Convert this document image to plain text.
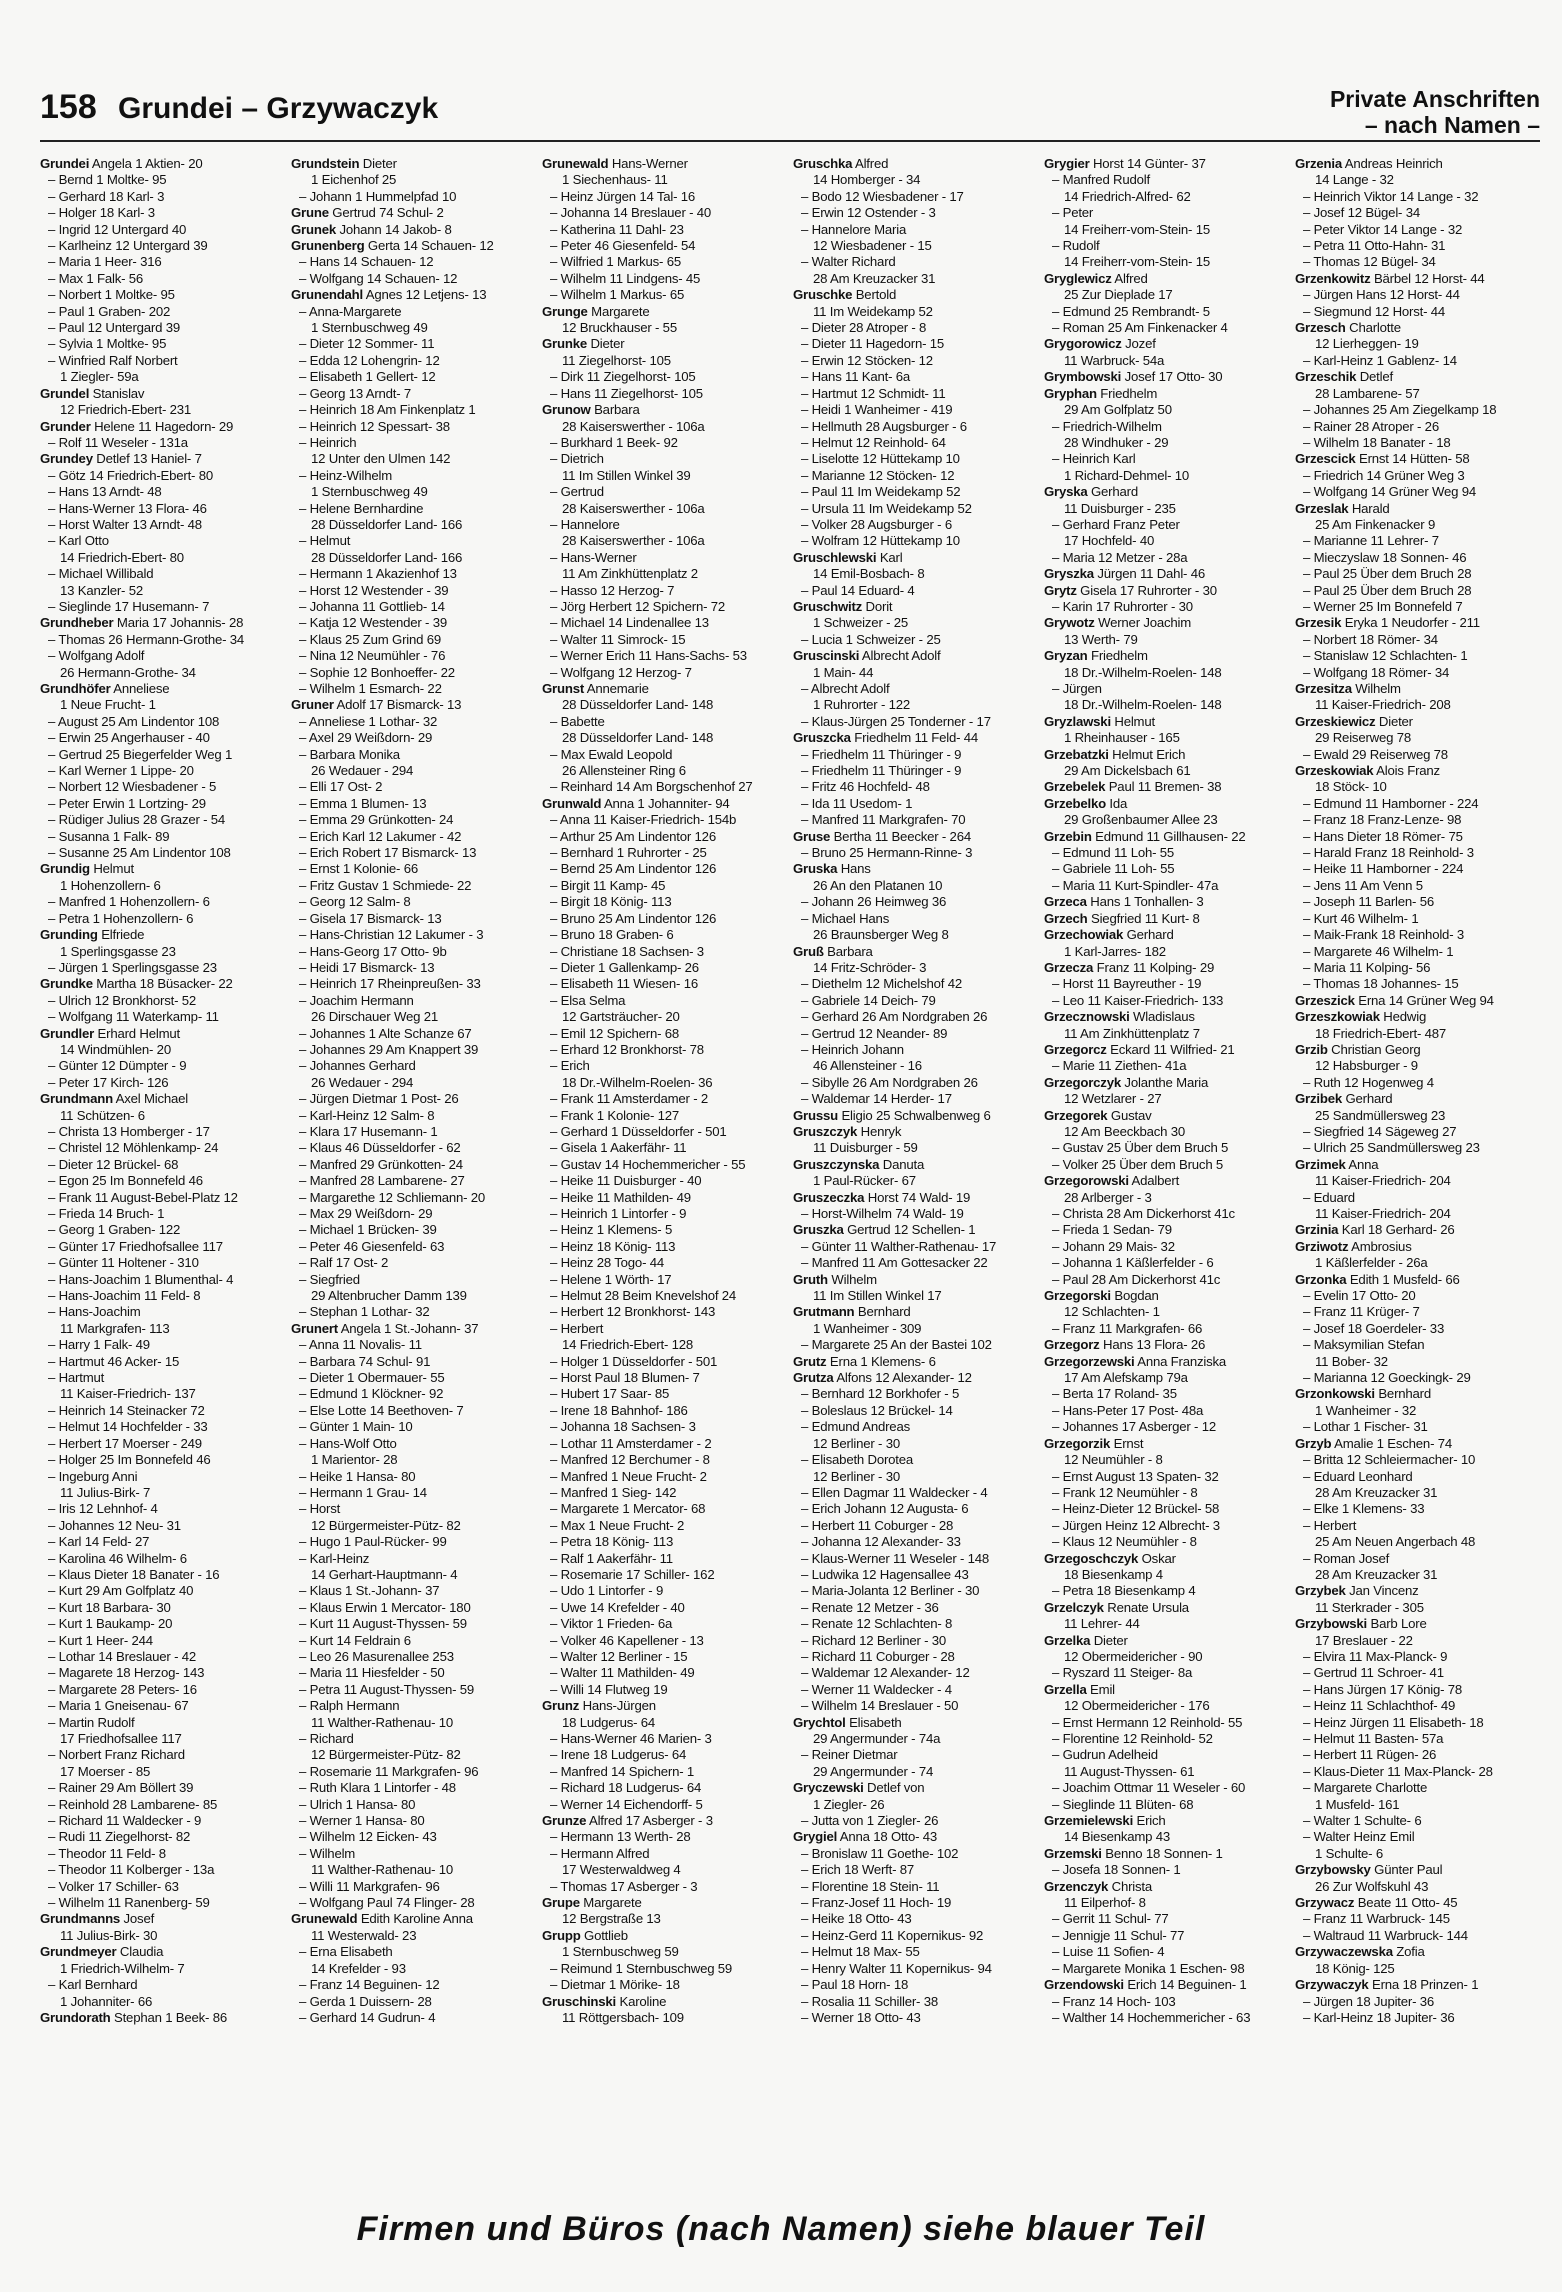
158 Grundei – Grzywaczyk	Private Anschriften
– nach Namen –
Grundei Angela 1 Aktien- 20
– Bernd 1 Moltke- 95
– Gerhard 18 Karl- 3
– Holger 18 Karl- 3
– Ingrid 12 Untergard 40
– Karlheinz 12 Untergard 39
– Maria 1 Heer- 316
– Max 1 Falk- 56
– Norbert 1 Moltke- 95
– Paul 1 Graben- 202
– Paul 12 Untergard 39
– Sylvia 1 Moltke- 95
– Winfried Ralf Norbert
1 Ziegler- 59a
Grundel Stanislav
12 Friedrich-Ebert- 231
Grunder Helene 11 Hagedorn- 29
– Rolf 11 Weseler - 131a
Grundey Detlef 13 Haniel- 7
– Götz 14 Friedrich-Ebert- 80
– Hans 13 Arndt- 48
– Hans-Werner 13 Flora- 46
– Horst Walter 13 Arndt- 48
– Karl Otto
14 Friedrich-Ebert- 80
– Michael Willibald
13 Kanzler- 52
– Sieglinde 17 Husemann- 7
Grundheber Maria 17 Johannis- 28
– Thomas 26 Hermann-Grothe- 34
– Wolfgang Adolf
26 Hermann-Grothe- 34
Grundhöfer Anneliese
1 Neue Frucht- 1
– August 25 Am Lindentor 108
– Erwin 25 Angerhauser - 40
– Gertrud 25 Biegerfelder Weg 1
– Karl Werner 1 Lippe- 20
– Norbert 12 Wiesbadener - 5
– Peter Erwin 1 Lortzing- 29
– Rüdiger Julius 28 Grazer - 54
– Susanna 1 Falk- 89
– Susanne 25 Am Lindentor 108
Grundig Helmut
1 Hohenzollern- 6
– Manfred 1 Hohenzollern- 6
– Petra 1 Hohenzollern- 6
Grunding Elfriede
1 Sperlingsgasse 23
– Jürgen 1 Sperlingsgasse 23
Grundke Martha 18 Büsacker- 22
– Ulrich 12 Bronkhorst- 52
– Wolfgang 11 Waterkamp- 11
Grundler Erhard Helmut
14 Windmühlen- 20
– Günter 12 Dümpter - 9
– Peter 17 Kirch- 126
Grundmann Axel Michael
11 Schützen- 6
– Christa 13 Homberger - 17
– Christel 12 Möhlenkamp- 24
– Dieter 12 Brückel- 68
– Egon 25 Im Bonnefeld 46
– Frank 11 August-Bebel-Platz 12
– Frieda 14 Bruch- 1
– Georg 1 Graben- 122
– Günter 17 Friedhofsallee 117
– Günter 11 Holtener - 310
– Hans-Joachim 1 Blumenthal- 4
– Hans-Joachim 11 Feld- 8
– Hans-Joachim
11 Markgrafen- 113
– Harry 1 Falk- 49
– Hartmut 46 Acker- 15
– Hartmut
11 Kaiser-Friedrich- 137
– Heinrich 14 Steinacker 72
– Helmut 14 Hochfelder - 33
– Herbert 17 Moerser - 249
– Holger 25 Im Bonnefeld 46
– Ingeburg Anni
11 Julius-Birk- 7
– Iris 12 Lehnhof- 4
– Johannes 12 Neu- 31
– Karl 14 Feld- 27
– Karolina 46 Wilhelm- 6
– Klaus Dieter 18 Banater - 16
– Kurt 29 Am Golfplatz 40
– Kurt 18 Barbara- 30
– Kurt 1 Baukamp- 20
– Kurt 1 Heer- 244
– Lothar 14 Breslauer - 42
– Magarete 18 Herzog- 143
– Margarete 28 Peters- 16
– Maria 1 Gneisenau- 67
– Martin Rudolf
17 Friedhofsallee 117
– Norbert Franz Richard
17 Moerser - 85
– Rainer 29 Am Böllert 39
– Reinhold 28 Lambarene- 85
– Richard 11 Waldecker - 9
– Rudi 11 Ziegelhorst- 82
– Theodor 11 Feld- 8
– Theodor 11 Kolberger - 13a
– Volker 17 Schiller- 63
– Wilhelm 11 Ranenberg- 59
Grundmanns Josef
11 Julius-Birk- 30
Grundmeyer Claudia
1 Friedrich-Wilhelm- 7
– Karl Bernhard
1 Johanniter- 66
Grundorath Stephan 1 Beek- 86
Grundstein Dieter
1 Eichenhof 25
– Johann 1 Hummelpfad 10
Grune Gertrud 74 Schul- 2
Grunek Johann 14 Jakob- 8
Grunenberg Gerta 14 Schauen- 12
– Hans 14 Schauen- 12
– Wolfgang 14 Schauen- 12
Grunendahl Agnes 12 Letjens- 13
– Anna-Margarete
1 Sternbuschweg 49
– Dieter 12 Sommer- 11
– Edda 12 Lohengrin- 12
– Elisabeth 1 Gellert- 12
– Georg 13 Arndt- 7
– Heinrich 18 Am Finkenplatz 1
– Heinrich 12 Spessart- 38
– Heinrich
12 Unter den Ulmen 142
– Heinz-Wilhelm
1 Sternbuschweg 49
– Helene Bernhardine
28 Düsseldorfer Land- 166
– Helmut
28 Düsseldorfer Land- 166
– Hermann 1 Akazienhof 13
– Horst 12 Westender - 39
– Johanna 11 Gottlieb- 14
– Katja 12 Westender - 39
– Klaus 25 Zum Grind 69
– Nina 12 Neumühler - 76
– Sophie 12 Bonhoeffer- 22
– Wilhelm 1 Esmarch- 22
Gruner Adolf 17 Bismarck- 13
– Anneliese 1 Lothar- 32
– Axel 29 Weißdorn- 29
– Barbara Monika
26 Wedauer - 294
– Elli 17 Ost- 2
– Emma 1 Blumen- 13
– Emma 29 Grünkotten- 24
– Erich Karl 12 Lakumer - 42
– Erich Robert 17 Bismarck- 13
– Ernst 1 Kolonie- 66
– Fritz Gustav 1 Schmiede- 22
– Georg 12 Salm- 8
– Gisela 17 Bismarck- 13
– Hans-Christian 12 Lakumer - 3
– Hans-Georg 17 Otto- 9b
– Heidi 17 Bismarck- 13
– Heinrich 17 Rheinpreußen- 33
– Joachim Hermann
26 Dirschauer Weg 21
– Johannes 1 Alte Schanze 67
– Johannes 29 Am Knappert 39
– Johannes Gerhard
26 Wedauer - 294
– Jürgen Dietmar 1 Post- 26
– Karl-Heinz 12 Salm- 8
– Klara 17 Husemann- 1
– Klaus 46 Düsseldorfer - 62
– Manfred 29 Grünkotten- 24
– Manfred 28 Lambarene- 27
– Margarethe 12 Schliemann- 20
– Max 29 Weißdorn- 29
– Michael 1 Brücken- 39
– Peter 46 Giesenfeld- 63
– Ralf 17 Ost- 2
– Siegfried
29 Altenbrucher Damm 139
– Stephan 1 Lothar- 32
Grunert Angela 1 St.-Johann- 37
– Anna 11 Novalis- 11
– Barbara 74 Schul- 91
– Dieter 1 Obermauer- 55
– Edmund 1 Klöckner- 92
– Else Lotte 14 Beethoven- 7
– Günter 1 Main- 10
– Hans-Wolf Otto
1 Marientor- 28
– Heike 1 Hansa- 80
– Hermann 1 Grau- 14
– Horst
12 Bürgermeister-Pütz- 82
– Hugo 1 Paul-Rücker- 99
– Karl-Heinz
14 Gerhart-Hauptmann- 4
– Klaus 1 St.-Johann- 37
– Klaus Erwin 1 Mercator- 180
– Kurt 11 August-Thyssen- 59
– Kurt 14 Feldrain 6
– Leo 26 Masurenallee 253
– Maria 11 Hiesfelder - 50
– Petra 11 August-Thyssen- 59
– Ralph Hermann
11 Walther-Rathenau- 10
– Richard
12 Bürgermeister-Pütz- 82
– Rosemarie 11 Markgrafen- 96
– Ruth Klara 1 Lintorfer - 48
– Ulrich 1 Hansa- 80
– Werner 1 Hansa- 80
– Wilhelm 12 Eicken- 43
– Wilhelm
11 Walther-Rathenau- 10
– Willi 11 Markgrafen- 96
– Wolfgang Paul 74 Flinger- 28
Grunewald Edith Karoline Anna
11 Westerwald- 23
– Erna Elisabeth
14 Krefelder - 93
– Franz 14 Beguinen- 12
– Gerda 1 Duissern- 28
– Gerhard 14 Gudrun- 4
Grunewald Hans-Werner
1 Siechenhaus- 11
– Heinz Jürgen 14 Tal- 16
– Johanna 14 Breslauer - 40
– Katherina 11 Dahl- 23
– Peter 46 Giesenfeld- 54
– Wilfried 1 Markus- 65
– Wilhelm 11 Lindgens- 45
– Wilhelm 1 Markus- 65
Grunge Margarete
12 Bruckhauser - 55
Grunke Dieter
11 Ziegelhorst- 105
– Dirk 11 Ziegelhorst- 105
– Hans 11 Ziegelhorst- 105
Grunow Barbara
28 Kaiserswerther - 106a
– Burkhard 1 Beek- 92
– Dietrich
11 Im Stillen Winkel 39
– Gertrud
28 Kaiserswerther - 106a
– Hannelore
28 Kaiserswerther - 106a
– Hans-Werner
11 Am Zinkhüttenplatz 2
– Hasso 12 Herzog- 7
– Jörg Herbert 12 Spichern- 72
– Michael 14 Lindenallee 13
– Walter 11 Simrock- 15
– Werner Erich 11 Hans-Sachs- 53
– Wolfgang 12 Herzog- 7
Grunst Annemarie
28 Düsseldorfer Land- 148
– Babette
28 Düsseldorfer Land- 148
– Max Ewald Leopold
26 Allensteiner Ring 6
– Reinhard 14 Am Borgschenhof 27
Grunwald Anna 1 Johanniter- 94
– Anna 11 Kaiser-Friedrich- 154b
– Arthur 25 Am Lindentor 126
– Bernhard 1 Ruhrorter - 25
– Bernd 25 Am Lindentor 126
– Birgit 11 Kamp- 45
– Birgit 18 König- 113
– Bruno 25 Am Lindentor 126
– Bruno 18 Graben- 6
– Christiane 18 Sachsen- 3
– Dieter 1 Gallenkamp- 26
– Elisabeth 11 Wiesen- 16
– Elsa Selma
12 Gartsträucher- 20
– Emil 12 Spichern- 68
– Erhard 12 Bronkhorst- 78
– Erich
18 Dr.-Wilhelm-Roelen- 36
– Frank 11 Amsterdamer - 2
– Frank 1 Kolonie- 127
– Gerhard 1 Düsseldorfer - 501
– Gisela 1 Aakerfähr- 11
– Gustav 14 Hochemmericher - 55
– Heike 11 Duisburger - 40
– Heike 11 Mathilden- 49
– Heinrich 1 Lintorfer - 9
– Heinz 1 Klemens- 5
– Heinz 18 König- 113
– Heinz 28 Togo- 44
– Helene 1 Wörth- 17
– Helmut 28 Beim Knevelshof 24
– Herbert 12 Bronkhorst- 143
– Herbert
14 Friedrich-Ebert- 128
– Holger 1 Düsseldorfer - 501
– Horst Paul 18 Blumen- 7
– Hubert 17 Saar- 85
– Irene 18 Bahnhof- 186
– Johanna 18 Sachsen- 3
– Lothar 11 Amsterdamer - 2
– Manfred 12 Berchumer - 8
– Manfred 1 Neue Frucht- 2
– Manfred 1 Sieg- 142
– Margarete 1 Mercator- 68
– Max 1 Neue Frucht- 2
– Petra 18 König- 113
– Ralf 1 Aakerfähr- 11
– Rosemarie 17 Schiller- 162
– Udo 1 Lintorfer - 9
– Uwe 14 Krefelder - 40
– Viktor 1 Frieden- 6a
– Volker 46 Kapellener - 13
– Walter 12 Berliner - 15
– Walter 11 Mathilden- 49
– Willi 14 Flutweg 19
Grunz Hans-Jürgen
18 Ludgerus- 64
– Hans-Werner 46 Marien- 3
– Irene 18 Ludgerus- 64
– Manfred 14 Spichern- 1
– Richard 18 Ludgerus- 64
– Werner 14 Eichendorff- 5
Grunze Alfred 17 Asberger - 3
– Hermann 13 Werth- 28
– Hermann Alfred
17 Westerwaldweg 4
– Thomas 17 Asberger - 3
Grupe Margarete
12 Bergstraße 13
Grupp Gottlieb
1 Sternbuschweg 59
– Reimund 1 Sternbuschweg 59
– Dietmar 1 Mörike- 18
Gruschinski Karoline
11 Röttgersbach- 109
Gruschka Alfred
14 Homberger - 34
– Bodo 12 Wiesbadener - 17
– Erwin 12 Ostender - 3
– Hannelore Maria
12 Wiesbadener - 15
– Walter Richard
28 Am Kreuzacker 31
Gruschke Bertold
11 Im Weidekamp 52
– Dieter 28 Atroper - 8
– Dieter 11 Hagedorn- 15
– Erwin 12 Stöcken- 12
– Hans 11 Kant- 6a
– Hartmut 12 Schmidt- 11
– Heidi 1 Wanheimer - 419
– Hellmuth 28 Augsburger - 6
– Helmut 12 Reinhold- 64
– Liselotte 12 Hüttekamp 10
– Marianne 12 Stöcken- 12
– Paul 11 Im Weidekamp 52
– Ursula 11 Im Weidekamp 52
– Volker 28 Augsburger - 6
– Wolfram 12 Hüttekamp 10
Gruschlewski Karl
14 Emil-Bosbach- 8
– Paul 14 Eduard- 4
Gruschwitz Dorit
1 Schweizer - 25
– Lucia 1 Schweizer - 25
Gruscinski Albrecht Adolf
1 Main- 44
– Albrecht Adolf
1 Ruhrorter - 122
– Klaus-Jürgen 25 Tonderner - 17
Gruszcka Friedhelm 11 Feld- 44
– Friedhelm 11 Thüringer - 9
– Friedhelm 11 Thüringer - 9
– Fritz 46 Hochfeld- 48
– Ida 11 Usedom- 1
– Manfred 11 Markgrafen- 70
Gruse Bertha 11 Beecker - 264
– Bruno 25 Hermann-Rinne- 3
Gruska Hans
26 An den Platanen 10
– Johann 26 Heimweg 36
– Michael Hans
26 Braunsberger Weg 8
Gruß Barbara
14 Fritz-Schröder- 3
– Diethelm 12 Michelshof 42
– Gabriele 14 Deich- 79
– Gerhard 26 Am Nordgraben 26
– Gertrud 12 Neander- 89
– Heinrich Johann
46 Allensteiner - 16
– Sibylle 26 Am Nordgraben 26
– Waldemar 14 Herder- 17
Grussu Eligio 25 Schwalbenweg 6
Gruszczyk Henryk
11 Duisburger - 59
Gruszczynska Danuta
1 Paul-Rücker- 67
Gruszeczka Horst 74 Wald- 19
– Horst-Wilhelm 74 Wald- 19
Gruszka Gertrud 12 Schellen- 1
– Günter 11 Walther-Rathenau- 17
– Manfred 11 Am Gottesacker 22
Gruth Wilhelm
11 Im Stillen Winkel 17
Grutmann Bernhard
1 Wanheimer - 309
– Margarete 25 An der Bastei 102
Grutz Erna 1 Klemens- 6
Grutza Alfons 12 Alexander- 12
– Bernhard 12 Borkhofer - 5
– Boleslaus 12 Brückel- 14
– Edmund Andreas
12 Berliner - 30
– Elisabeth Dorotea
12 Berliner - 30
– Ellen Dagmar 11 Waldecker - 4
– Erich Johann 12 Augusta- 6
– Herbert 11 Coburger - 28
– Johanna 12 Alexander- 33
– Klaus-Werner 11 Weseler - 148
– Ludwika 12 Hagensallee 43
– Maria-Jolanta 12 Berliner - 30
– Renate 12 Metzer - 36
– Renate 12 Schlachten- 8
– Richard 12 Berliner - 30
– Richard 11 Coburger - 28
– Waldemar 12 Alexander- 12
– Werner 11 Waldecker - 4
– Wilhelm 14 Breslauer - 50
Grychtol Elisabeth
29 Angermunder - 74a
– Reiner Dietmar
29 Angermunder - 74
Gryczewski Detlef von
1 Ziegler- 26
– Jutta von 1 Ziegler- 26
Grygiel Anna 18 Otto- 43
– Bronislaw 11 Goethe- 102
– Erich 18 Werft- 87
– Florentine 18 Stein- 11
– Franz-Josef 11 Hoch- 19
– Heike 18 Otto- 43
– Heinz-Gerd 11 Kopernikus- 92
– Helmut 18 Max- 55
– Henry Walter 11 Kopernikus- 94
– Paul 18 Horn- 18
– Rosalia 11 Schiller- 38
– Werner 18 Otto- 43
Grygier Horst 14 Günter- 37
– Manfred Rudolf
14 Friedrich-Alfred- 62
– Peter
14 Freiherr-vom-Stein- 15
– Rudolf
14 Freiherr-vom-Stein- 15
Gryglewicz Alfred
25 Zur Dieplade 17
– Edmund 25 Rembrandt- 5
– Roman 25 Am Finkenacker 4
Grygorowicz Jozef
11 Warbruck- 54a
Grymbowski Josef 17 Otto- 30
Gryphan Friedhelm
29 Am Golfplatz 50
– Friedrich-Wilhelm
28 Windhuker - 29
– Heinrich Karl
1 Richard-Dehmel- 10
Gryska Gerhard
11 Duisburger - 235
– Gerhard Franz Peter
17 Hochfeld- 40
– Maria 12 Metzer - 28a
Gryszka Jürgen 11 Dahl- 46
Grytz Gisela 17 Ruhrorter - 30
– Karin 17 Ruhrorter - 30
Grywotz Werner Joachim
13 Werth- 79
Gryzan Friedhelm
18 Dr.-Wilhelm-Roelen- 148
– Jürgen
18 Dr.-Wilhelm-Roelen- 148
Gryzlawski Helmut
1 Rheinhauser - 165
Grzebatzki Helmut Erich
29 Am Dickelsbach 61
Grzebelek Paul 11 Bremen- 38
Grzebelko Ida
29 Großenbaumer Allee 23
Grzebin Edmund 11 Gillhausen- 22
– Edmund 11 Loh- 55
– Gabriele 11 Loh- 55
– Maria 11 Kurt-Spindler- 47a
Grzeca Hans 1 Tonhallen- 3
Grzech Siegfried 11 Kurt- 8
Grzechowiak Gerhard
1 Karl-Jarres- 182
Grzecza Franz 11 Kolping- 29
– Horst 11 Bayreuther - 19
– Leo 11 Kaiser-Friedrich- 133
Grzecznowski Wladislaus
11 Am Zinkhüttenplatz 7
Grzegorcz Eckard 11 Wilfried- 21
– Marie 11 Ziethen- 41a
Grzegorczyk Jolanthe Maria
12 Wetzlarer - 27
Grzegorek Gustav
12 Am Beeckbach 30
– Gustav 25 Über dem Bruch 5
– Volker 25 Über dem Bruch 5
Grzegorowski Adalbert
28 Arlberger - 3
– Christa 28 Am Dickerhorst 41c
– Frieda 1 Sedan- 79
– Johann 29 Mais- 32
– Johanna 1 Käßlerfelder - 6
– Paul 28 Am Dickerhorst 41c
Grzegorski Bogdan
12 Schlachten- 1
– Franz 11 Markgrafen- 66
Grzegorz Hans 13 Flora- 26
Grzegorzewski Anna Franziska
17 Am Alefskamp 79a
– Berta 17 Roland- 35
– Hans-Peter 17 Post- 48a
– Johannes 17 Asberger - 12
Grzegorzik Ernst
12 Neumühler - 8
– Ernst August 13 Spaten- 32
– Frank 12 Neumühler - 8
– Heinz-Dieter 12 Brückel- 58
– Jürgen Heinz 12 Albrecht- 3
– Klaus 12 Neumühler - 8
Grzegoschczyk Oskar
18 Biesenkamp 4
– Petra 18 Biesenkamp 4
Grzelczyk Renate Ursula
11 Lehrer- 44
Grzelka Dieter
12 Obermeidericher - 90
– Ryszard 11 Steiger- 8a
Grzella Emil
12 Obermeidericher - 176
– Ernst Hermann 12 Reinhold- 55
– Florentine 12 Reinhold- 52
– Gudrun Adelheid
11 August-Thyssen- 61
– Joachim Ottmar 11 Weseler - 60
– Sieglinde 11 Blüten- 68
Grzemielewski Erich
14 Biesenkamp 43
Grzemski Benno 18 Sonnen- 1
– Josefa 18 Sonnen- 1
Grzenczyk Christa
11 Eilperhof- 8
– Gerrit 11 Schul- 77
– Jennigje 11 Schul- 77
– Luise 11 Sofien- 4
– Margarete Monika 1 Eschen- 98
Grzendowski Erich 14 Beguinen- 1
– Franz 14 Hoch- 103
– Walther 14 Hochemmericher - 63
Grzenia Andreas Heinrich
14 Lange - 32
– Heinrich Viktor 14 Lange - 32
– Josef 12 Bügel- 34
– Peter Viktor 14 Lange - 32
– Petra 11 Otto-Hahn- 31
– Thomas 12 Bügel- 34
Grzenkowitz Bärbel 12 Horst- 44
– Jürgen Hans 12 Horst- 44
– Siegmund 12 Horst- 44
Grzesch Charlotte
12 Lierheggen- 19
– Karl-Heinz 1 Gablenz- 14
Grzeschik Detlef
28 Lambarene- 57
– Johannes 25 Am Ziegelkamp 18
– Rainer 28 Atroper - 26
– Wilhelm 18 Banater - 18
Grzescick Ernst 14 Hütten- 58
– Friedrich 14 Grüner Weg 3
– Wolfgang 14 Grüner Weg 94
Grzeslak Harald
25 Am Finkenacker 9
– Marianne 11 Lehrer- 7
– Mieczyslaw 18 Sonnen- 46
– Paul 25 Über dem Bruch 28
– Paul 25 Über dem Bruch 28
– Werner 25 Im Bonnefeld 7
Grzesik Eryka 1 Neudorfer - 211
– Norbert 18 Römer- 34
– Stanislaw 12 Schlachten- 1
– Wolfgang 18 Römer- 34
Grzesitza Wilhelm
11 Kaiser-Friedrich- 208
Grzeskiewicz Dieter
29 Reiserweg 78
– Ewald 29 Reiserweg 78
Grzeskowiak Alois Franz
18 Stöck- 10
– Edmund 11 Hamborner - 224
– Franz 18 Franz-Lenze- 98
– Hans Dieter 18 Römer- 75
– Harald Franz 18 Reinhold- 3
– Heike 11 Hamborner - 224
– Jens 11 Am Venn 5
– Joseph 11 Barlen- 56
– Kurt 46 Wilhelm- 1
– Maik-Frank 18 Reinhold- 3
– Margarete 46 Wilhelm- 1
– Maria 11 Kolping- 56
– Thomas 18 Johannes- 15
Grzeszick Erna 14 Grüner Weg 94
Grzeszkowiak Hedwig
18 Friedrich-Ebert- 487
Grzib Christian Georg
12 Habsburger - 9
– Ruth 12 Hogenweg 4
Grzibek Gerhard
25 Sandmüllersweg 23
– Siegfried 14 Sägeweg 27
– Ulrich 25 Sandmüllersweg 23
Grzimek Anna
11 Kaiser-Friedrich- 204
– Eduard
11 Kaiser-Friedrich- 204
Grzinia Karl 18 Gerhard- 26
Grziwotz Ambrosius
1 Käßlerfelder - 26a
Grzonka Edith 1 Musfeld- 66
– Evelin 17 Otto- 20
– Franz 11 Krüger- 7
– Josef 18 Goerdeler- 33
– Maksymilian Stefan
11 Bober- 32
– Marianna 12 Goeckingk- 29
Grzonkowski Bernhard
1 Wanheimer - 32
– Lothar 1 Fischer- 31
Grzyb Amalie 1 Eschen- 74
– Britta 12 Schleiermacher- 10
– Eduard Leonhard
28 Am Kreuzacker 31
– Elke 1 Klemens- 33
– Herbert
25 Am Neuen Angerbach 48
– Roman Josef
28 Am Kreuzacker 31
Grzybek Jan Vincenz
11 Sterkrader - 305
Grzybowski Barb Lore
17 Breslauer - 22
– Elvira 11 Max-Planck- 9
– Gertrud 11 Schroer- 41
– Hans Jürgen 17 König- 78
– Heinz 11 Schlachthof- 49
– Heinz Jürgen 11 Elisabeth- 18
– Helmut 11 Basten- 57a
– Herbert 11 Rügen- 26
– Klaus-Dieter 11 Max-Planck- 28
– Margarete Charlotte
1 Musfeld- 161
– Walter 1 Schulte- 6
– Walter Heinz Emil
1 Schulte- 6
Grzybowsky Günter Paul
26 Zur Wolfskuhl 43
Grzywacz Beate 11 Otto- 45
– Franz 11 Warbruck- 145
– Waltraud 11 Warbruck- 144
Grzywaczewska Zofia
18 König- 125
Grzywaczyk Erna 18 Prinzen- 1
– Jürgen 18 Jupiter- 36
– Karl-Heinz 18 Jupiter- 36
Firmen und Büros (nach Namen) siehe blauer Teil
